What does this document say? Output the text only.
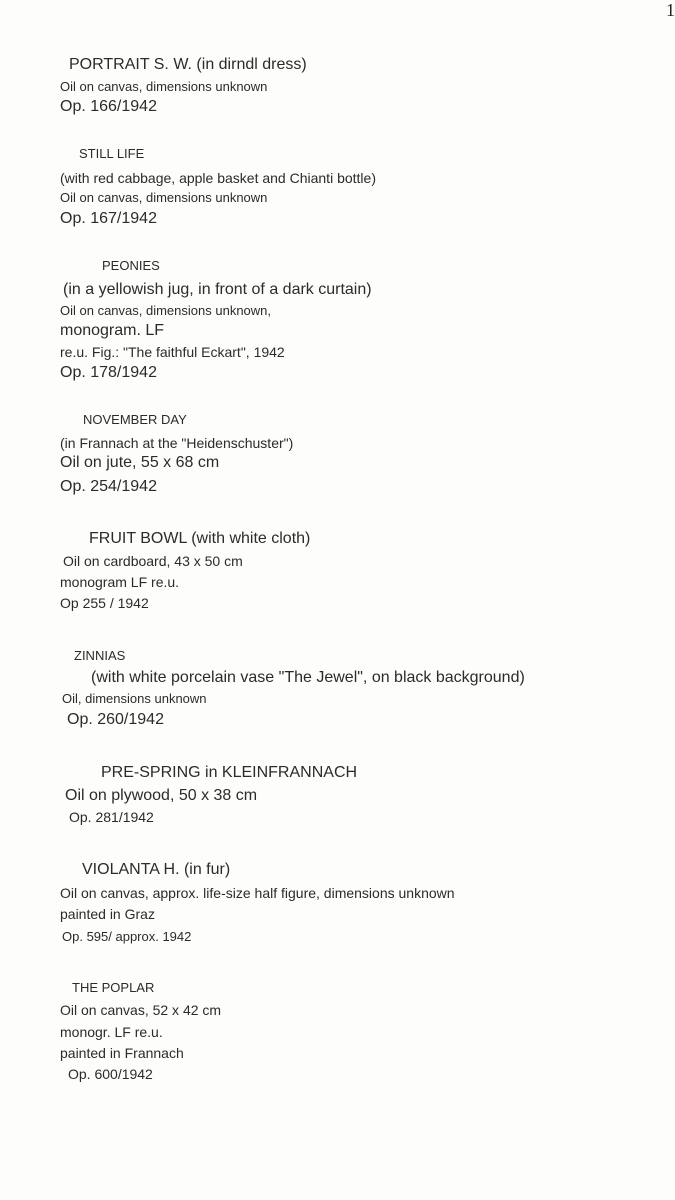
1
PORTRAIT S. W. (in dirndl dress)
Oil on canvas, dimensions unknown
Op. 166/1942
STILL LIFE
(with red cabbage, apple basket and Chianti bottle)
Oil on canvas, dimensions unknown
Op. 167/1942
PEONIES
(in a yellowish jug, in front of a dark curtain)
Oil on canvas, dimensions unknown,
monogram. LF
re.u. Fig.: "The faithful Eckart", 1942
Op. 178/1942
NOVEMBER DAY
(in Frannach at the "Heidenschuster")
Oil on jute, 55 x 68 cm
Op. 254/1942
FRUIT BOWL (with white cloth)
Oil on cardboard, 43 x 50 cm
monogram LF re.u.
Op 255 / 1942
ZINNIAS
(with white porcelain vase "The Jewel", on black background)
Oil, dimensions unknown
Op. 260/1942
PRE-SPRING in KLEINFRANNACH
Oil on plywood, 50 x 38 cm
Op. 281/1942
VIOLANTA H. (in fur)
Oil on canvas, approx. life-size half figure, dimensions unknown
painted in Graz
Op. 595/ approx. 1942
THE POPLAR
Oil on canvas, 52 x 42 cm
monogr. LF re.u.
painted in Frannach
Op. 600/1942
